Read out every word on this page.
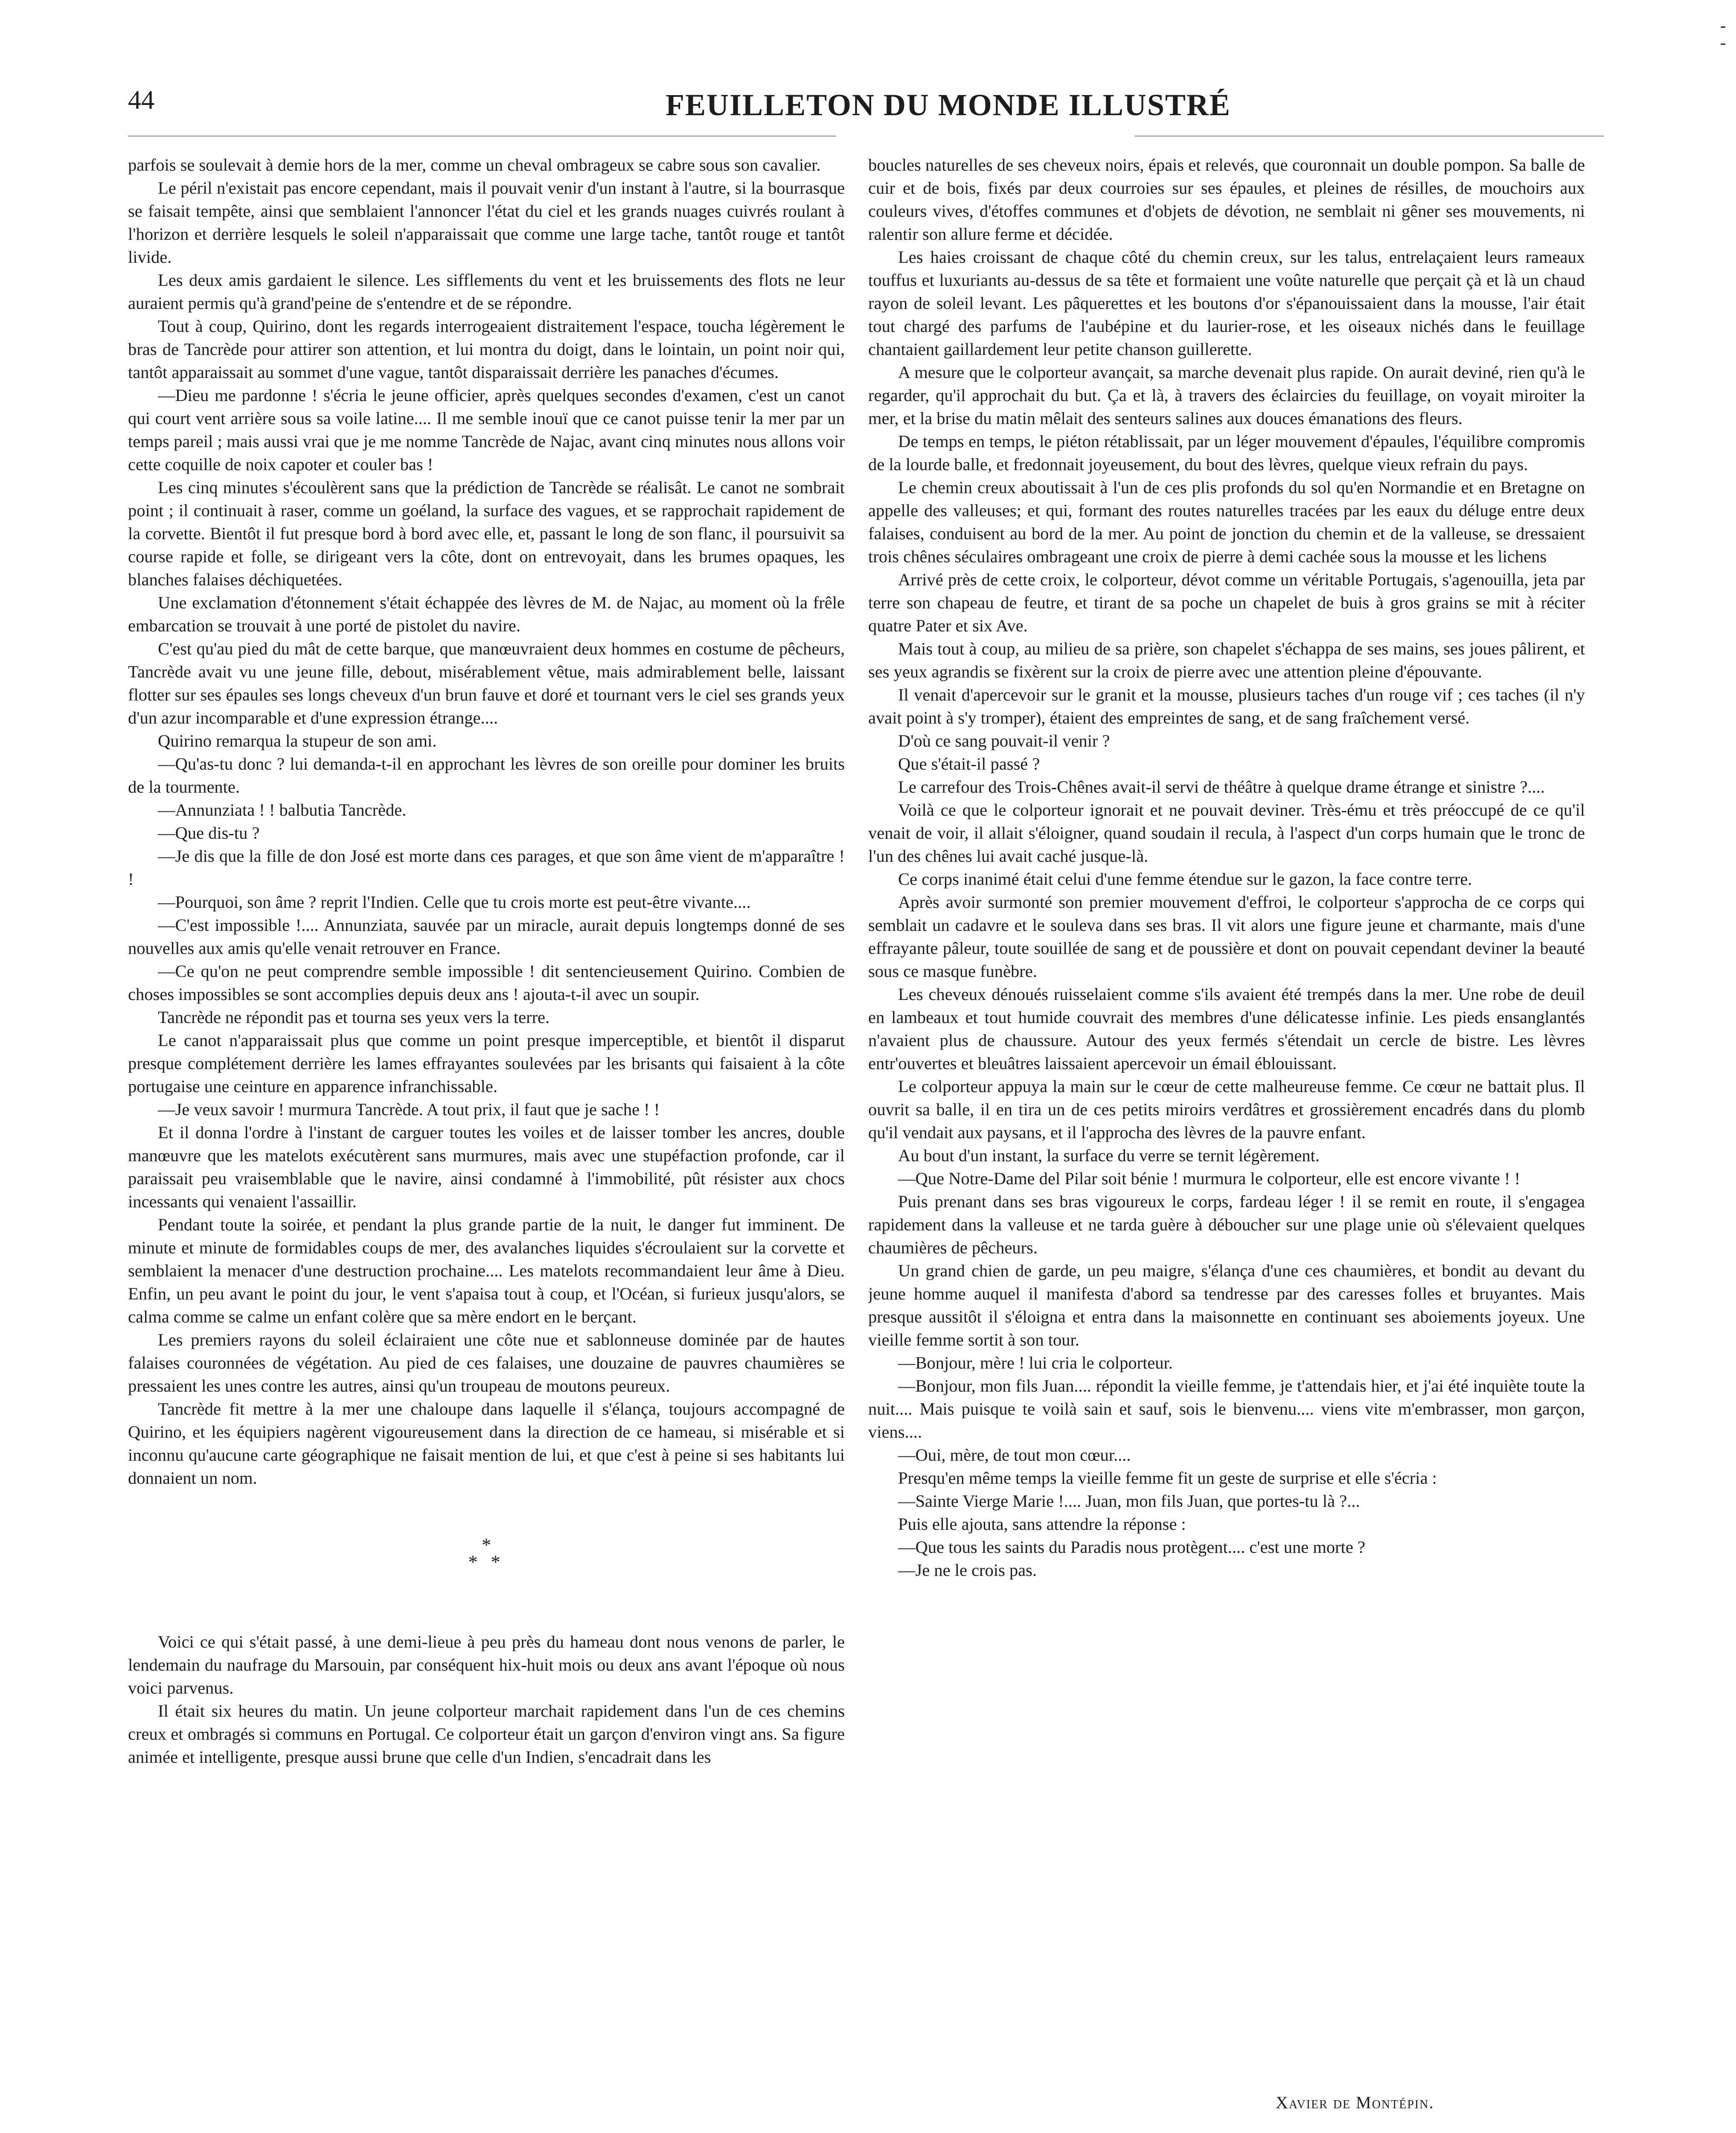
44	FEUILLETON DU MONDE ILLUSTRÉ

parfois se soulevait à demie hors de la mer, comme un cheval ombrageux se cabre sous son cavalier.

Le péril n'existait pas encore cependant, mais il pouvait venir d'un instant à l'autre, si la bourrasque se faisait tempête, ainsi que semblaient l'annoncer l'état du ciel et les grands nuages cuivrés roulant à l'horizon et derrière lesquels le soleil n'apparaissait que comme une large tache, tantôt rouge et tantôt livide.

Les deux amis gardaient le silence. Les sifflements du vent et les bruissements des flots ne leur auraient permis qu'à grand'peine de s'entendre et de se répondre.

Tout à coup, Quirino, dont les regards interrogeaient distraitement l'espace, toucha légèrement le bras de Tancrède pour attirer son attention, et lui montra du doigt, dans le lointain, un point noir qui, tantôt apparaissait au sommet d'une vague, tantôt disparaissait derrière les panaches d'écumes.

—Dieu me pardonne ! s'écria le jeune officier, après quelques secondes d'examen, c'est un canot qui court vent arrière sous sa voile latine.... Il me semble inouï que ce canot puisse tenir la mer par un temps pareil ; mais aussi vrai que je me nomme Tancrède de Najac, avant cinq minutes nous allons voir cette coquille de noix capoter et couler bas !

Les cinq minutes s'écoulèrent sans que la prédiction de Tancrède se réalisât. Le canot ne sombrait point ; il continuait à raser, comme un goéland, la surface des vagues, et se rapprochait rapidement de la corvette. Bientôt il fut presque bord à bord avec elle, et, passant le long de son flanc, il poursuivit sa course rapide et folle, se dirigeant vers la côte, dont on entrevoyait, dans les brumes opaques, les blanches falaises déchiquetées.

Une exclamation d'étonnement s'était échappée des lèvres de M. de Najac, au moment où la frêle embarcation se trouvait à une porté de pistolet du navire.

C'est qu'au pied du mât de cette barque, que manœuvraient deux hommes en costume de pêcheurs, Tancrède avait vu une jeune fille, debout, misérablement vêtue, mais admirablement belle, laissant flotter sur ses épaules ses longs cheveux d'un brun fauve et doré et tournant vers le ciel ses grands yeux d'un azur incomparable et d'une expression étrange....

Quirino remarqua la stupeur de son ami.

—Qu'as-tu donc ? lui demanda-t-il en approchant les lèvres de son oreille pour dominer les bruits de la tourmente.

—Annunziata ! ! balbutia Tancrède.

—Que dis-tu ?

—Je dis que la fille de don José est morte dans ces parages, et que son âme vient de m'apparaître ! !

—Pourquoi, son âme ? reprit l'Indien. Celle que tu crois morte est peut-être vivante....

—C'est impossible !.... Annunziata, sauvée par un miracle, aurait depuis longtemps donné de ses nouvelles aux amis qu'elle venait retrouver en France.

—Ce qu'on ne peut comprendre semble impossible ! dit sentencieusement Quirino. Combien de choses impossibles se sont accomplies depuis deux ans ! ajouta-t-il avec un soupir.

Tancrède ne répondit pas et tourna ses yeux vers la terre.

Le canot n'apparaissait plus que comme un point presque imperceptible, et bientôt il disparut presque complétement derrière les lames effrayantes soulevées par les brisants qui faisaient à la côte portugaise une ceinture en apparence infranchissable.

—Je veux savoir ! murmura Tancrède. A tout prix, il faut que je sache ! !

Et il donna l'ordre à l'instant de carguer toutes les voiles et de laisser tomber les ancres, double manœuvre que les matelots exécutèrent sans murmures, mais avec une stupéfaction profonde, car il paraissait peu vraisemblable que le navire, ainsi condamné à l'immobilité, pût résister aux chocs incessants qui venaient l'assaillir.

Pendant toute la soirée, et pendant la plus grande partie de la nuit, le danger fut imminent. De minute et minute de formidables coups de mer, des avalanches liquides s'écroulaient sur la corvette et semblaient la menacer d'une destruction prochaine.... Les matelots recommandaient leur âme à Dieu. Enfin, un peu avant le point du jour, le vent s'apaisa tout à coup, et l'Océan, si furieux jusqu'alors, se calma comme se calme un enfant colère que sa mère endort en le berçant.

Les premiers rayons du soleil éclairaient une côte nue et sablonneuse dominée par de hautes falaises couronnées de végétation. Au pied de ces falaises, une douzaine de pauvres chaumières se pressaient les unes contre les autres, ainsi qu'un troupeau de moutons peureux.

Tancrède fit mettre à la mer une chaloupe dans laquelle il s'élança, toujours accompagné de Quirino, et les équipiers nagèrent vigoureusement dans la direction de ce hameau, si misérable et si inconnu qu'aucune carte géographique ne faisait mention de lui, et que c'est à peine si ses habitants lui donnaient un nom.

*
* *

Voici ce qui s'était passé, à une demi-lieue à peu près du hameau dont nous venons de parler, le lendemain du naufrage du Marsouin, par conséquent hix-huit mois ou deux ans avant l'époque où nous voici parvenus.

Il était six heures du matin. Un jeune colporteur marchait rapidement dans l'un de ces chemins creux et ombragés si communs en Portugal. Ce colporteur était un garçon d'environ vingt ans. Sa figure animée et intelligente, presque aussi brune que celle d'un Indien, s'encadrait dans les

boucles naturelles de ses cheveux noirs, épais et relevés, que couronnait un double pompon. Sa balle de cuir et de bois, fixés par deux courroies sur ses épaules, et pleines de résilles, de mouchoirs aux couleurs vives, d'étoffes communes et d'objets de dévotion, ne semblait ni gêner ses mouvements, ni ralentir son allure ferme et décidée.

Les haies croissant de chaque côté du chemin creux, sur les talus, entrelaçaient leurs rameaux touffus et luxuriants au-dessus de sa tête et formaient une voûte naturelle que perçait çà et là un chaud rayon de soleil levant. Les pâquerettes et les boutons d'or s'épanouissaient dans la mousse, l'air était tout chargé des parfums de l'aubépine et du laurier-rose, et les oiseaux nichés dans le feuillage chantaient gaillardement leur petite chanson guillerette.

A mesure que le colporteur avançait, sa marche devenait plus rapide. On aurait deviné, rien qu'à le regarder, qu'il approchait du but. Ça et là, à travers des éclaircies du feuillage, on voyait miroiter la mer, et la brise du matin mêlait des senteurs salines aux douces émanations des fleurs.

De temps en temps, le piéton rétablissait, par un léger mouvement d'épaules, l'équilibre compromis de la lourde balle, et fredonnait joyeusement, du bout des lèvres, quelque vieux refrain du pays.

Le chemin creux aboutissait à l'un de ces plis profonds du sol qu'en Normandie et en Bretagne on appelle des valleuses; et qui, formant des routes naturelles tracées par les eaux du déluge entre deux falaises, conduisent au bord de la mer. Au point de jonction du chemin et de la valleuse, se dressaient trois chênes séculaires ombrageant une croix de pierre à demi cachée sous la mousse et les lichens

Arrivé près de cette croix, le colporteur, dévot comme un véritable Portugais, s'agenouilla, jeta par terre son chapeau de feutre, et tirant de sa poche un chapelet de buis à gros grains se mit à réciter quatre Pater et six Ave.

Mais tout à coup, au milieu de sa prière, son chapelet s'échappa de ses mains, ses joues pâlirent, et ses yeux agrandis se fixèrent sur la croix de pierre avec une attention pleine d'épouvante.

Il venait d'apercevoir sur le granit et la mousse, plusieurs taches d'un rouge vif ; ces taches (il n'y avait point à s'y tromper), étaient des empreintes de sang, et de sang fraîchement versé.

D'où ce sang pouvait-il venir ?

Que s'était-il passé ?

Le carrefour des Trois-Chênes avait-il servi de théâtre à quelque drame étrange et sinistre ?....

Voilà ce que le colporteur ignorait et ne pouvait deviner. Très-ému et très préoccupé de ce qu'il venait de voir, il allait s'éloigner, quand soudain il recula, à l'aspect d'un corps humain que le tronc de l'un des chênes lui avait caché jusque-là.

Ce corps inanimé était celui d'une femme étendue sur le gazon, la face contre terre.

Après avoir surmonté son premier mouvement d'effroi, le colporteur s'approcha de ce corps qui semblait un cadavre et le souleva dans ses bras. Il vit alors une figure jeune et charmante, mais d'une effrayante pâleur, toute souillée de sang et de poussière et dont on pouvait cependant deviner la beauté sous ce masque funèbre.

Les cheveux dénoués ruisselaient comme s'ils avaient été trempés dans la mer. Une robe de deuil en lambeaux et tout humide couvrait des membres d'une délicatesse infinie. Les pieds ensanglantés n'avaient plus de chaussure. Autour des yeux fermés s'étendait un cercle de bistre. Les lèvres entr'ouvertes et bleuâtres laissaient apercevoir un émail éblouissant.

Le colporteur appuya la main sur le cœur de cette malheureuse femme. Ce cœur ne battait plus. Il ouvrit sa balle, il en tira un de ces petits miroirs verdâtres et grossièrement encadrés dans du plomb qu'il vendait aux paysans, et il l'approcha des lèvres de la pauvre enfant.

Au bout d'un instant, la surface du verre se ternit légèrement.

—Que Notre-Dame del Pilar soit bénie ! murmura le colporteur, elle est encore vivante ! !

Puis prenant dans ses bras vigoureux le corps, fardeau léger ! il se remit en route, il s'engagea rapidement dans la valleuse et ne tarda guère à déboucher sur une plage unie où s'élevaient quelques chaumières de pêcheurs.

Un grand chien de garde, un peu maigre, s'élança d'une ces chaumières, et bondit au devant du jeune homme auquel il manifesta d'abord sa tendresse par des caresses folles et bruyantes. Mais presque aussitôt il s'éloigna et entra dans la maisonnette en continuant ses aboiements joyeux. Une vieille femme sortit à son tour.

—Bonjour, mère ! lui cria le colporteur.

—Bonjour, mon fils Juan.... répondit la vieille femme, je t'attendais hier, et j'ai été inquiète toute la nuit.... Mais puisque te voilà sain et sauf, sois le bienvenu.... viens vite m'embrasser, mon garçon, viens....

—Oui, mère, de tout mon cœur....

Presqu'en même temps la vieille femme fit un geste de surprise et elle s'écria :

—Sainte Vierge Marie !.... Juan, mon fils Juan, que portes-tu là ?...

Puis elle ajouta, sans attendre la réponse :

—Que tous les saints du Paradis nous protègent.... c'est une morte ?

—Je ne le crois pas.

Xavier de Montépin.
-
-
